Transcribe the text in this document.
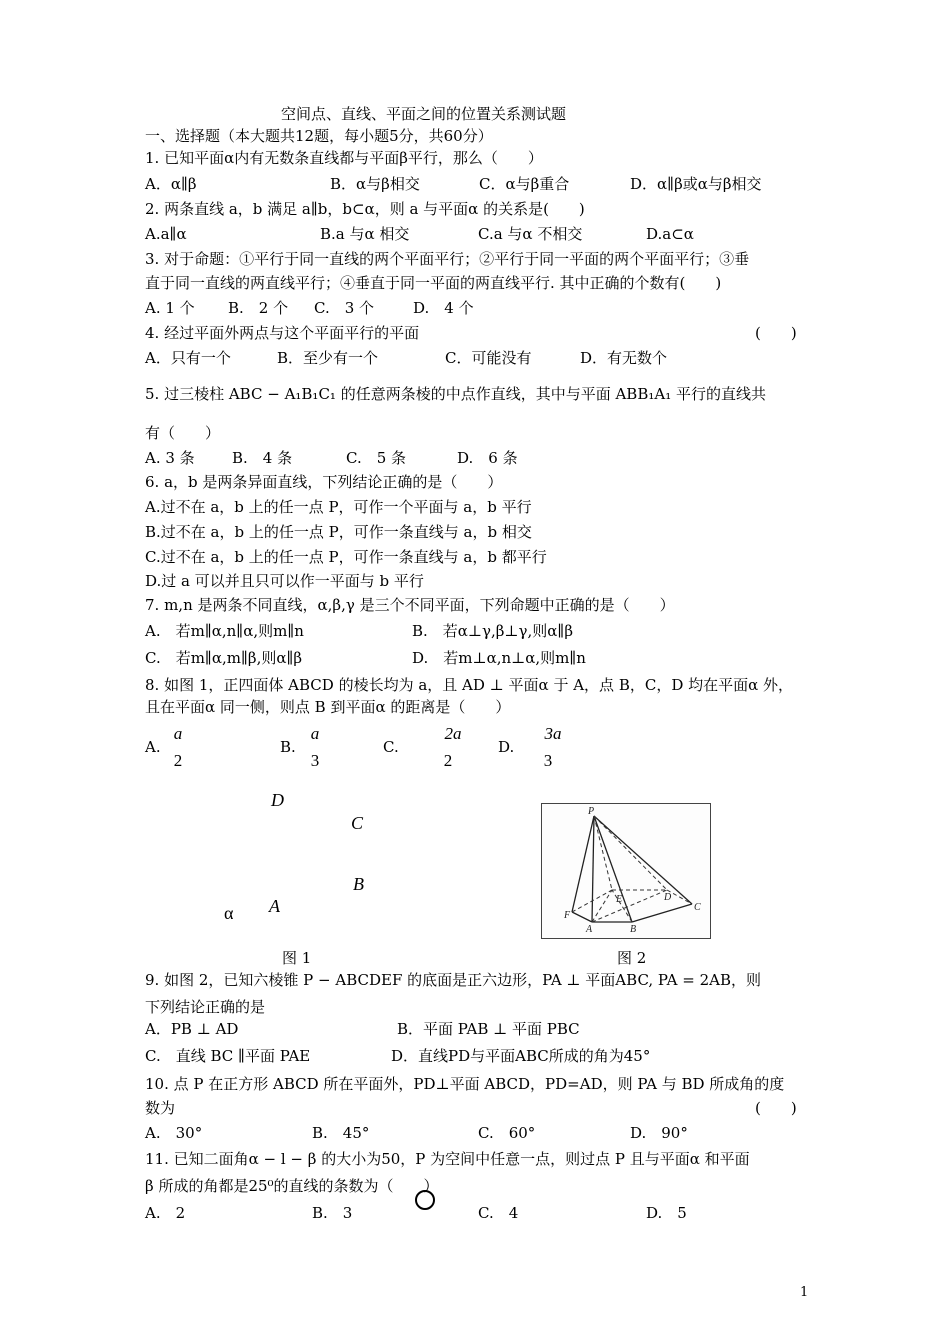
空间点、直线、平面之间的位置关系测试题
一、选择题（本大题共12题，每小题5分，共60分）
1. 已知平面α内有无数条直线都与平面β平行，那么（　　）
A．α∥β	B．α与β相交	C．α与β重合	D．α∥β或α与β相交
2. 两条直线 a，b 满足 a∥b，b⊂α，则 a 与平面α 的关系是(　　)
A.a∥α	B.a 与α 相交	C.a 与α 不相交	D.a⊂α
3. 对于命题：①平行于同一直线的两个平面平行；②平行于同一平面的两个平面平行；③垂
直于同一直线的两直线平行；④垂直于同一平面的两直线平行. 其中正确的个数有(　　)
A. 1 个 B.　2 个 C.　3 个	D.　4 个
4. 经过平面外两点与这个平面平行的平面	(　　)
A．只有一个	B．至少有一个	C．可能没有	D．有无数个
5. 过三棱柱 ABC − A₁B₁C₁ 的任意两条棱的中点作直线，其中与平面 ABB₁A₁ 平行的直线共
有（　　）
A. 3 条 B.　4 条	C.　5 条	D.　6 条
6. a，b 是两条异面直线，下列结论正确的是（　　）
A.过不在 a，b 上的任一点 P，可作一个平面与 a，b 平行
B.过不在 a，b 上的任一点 P，可作一条直线与 a，b 相交
C.过不在 a，b 上的任一点 P，可作一条直线与 a，b 都平行
D.过 a 可以并且只可以作一平面与 b 平行
7. m,n 是两条不同直线，α,β,γ 是三个不同平面，下列命题中正确的是（　　）
A.　若m∥α,n∥α,则m∥n	B.　若α⊥γ,β⊥γ,则α∥β
C.　若m∥α,m∥β,则α∥β	D.　若m⊥α,n⊥α,则m∥n
8. 如图 1，正四面体 ABCD 的棱长均为 a，且 AD ⊥ 平面α 于 A，点 B，C，D 均在平面α 外，
且在平面α 同一侧，则点 B 到平面α 的距离是（　　）
A.
a
2
B.
a
3
C.
2a
2
D.
3a
3
D
C
B
A
α
图 1
P
E	D
C
F
A	B
图 2
9. 如图 2，已知六棱锥 P − ABCDEF 的底面是正六边形，PA ⊥ 平面ABC, PA = 2AB，则
下列结论正确的是
A．PB ⊥ AD	B．平面 PAB ⊥ 平面 PBC
C.　直线 BC ∥平面 PAE	D．直线PD与平面ABC所成的角为45°
10. 点 P 在正方形 ABCD 所在平面外，PD⊥平面 ABCD，PD=AD，则 PA 与 BD 所成角的度
数为	(　　)
A.　30°	B.　45°	C.　60°	D.　90°
11. 已知二面角α − l − β 的大小为50，P 为空间中任意一点，则过点 P 且与平面α 和平面
β 所成的角都是25⁰的直线的条数为（　　）
A.　2	B.　3	C.　4	D.　5
1
